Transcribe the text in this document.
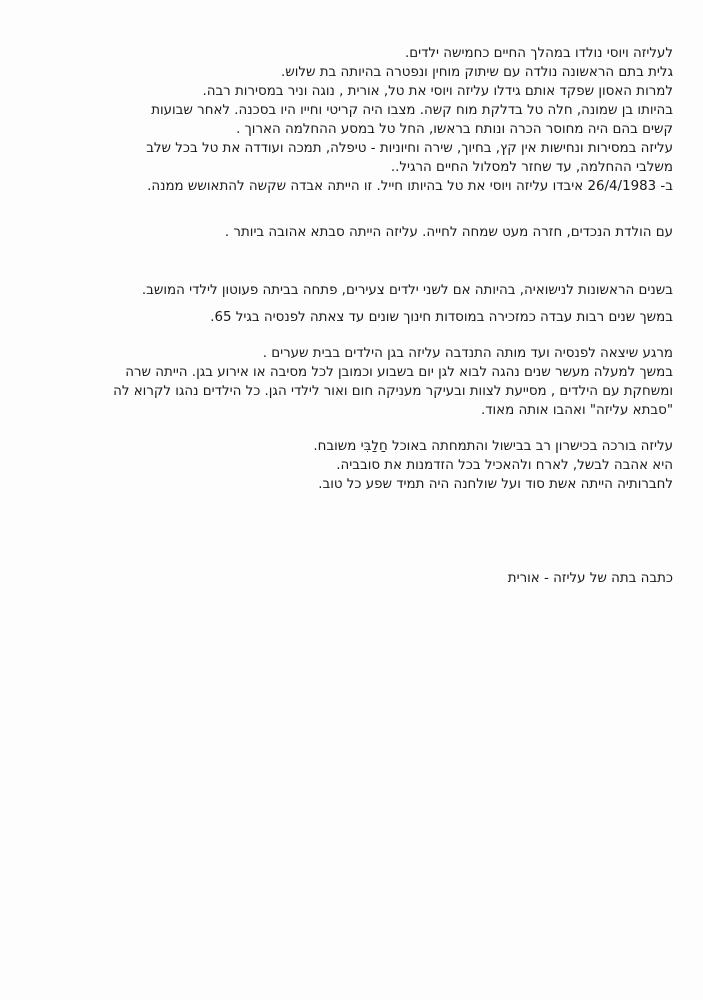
לעליזה ויוסי נולדו במהלך החיים כחמישה ילדים.
גלית בתם הראשונה נולדה עם שיתוק מוחין ונפטרה בהיותה בת שלוש.
למרות האסון שפקד אותם גידלו עליזה ויוסי את טל, אורית , נוגה וניר במסירות רבה.
בהיותו בן שמונה, חלה טל בדלקת מוח קשה. מצבו היה קריטי וחייו היו בסכנה. לאחר שבועות
קשים בהם היה מחוסר הכרה ונותח בראשו, החל טל במסע ההחלמה הארוך .
עליזה במסירות ונחישות אין קץ, בחיוך, שירה וחיוניות - טיפלה, תמכה ועודדה את טל בכל שלב
משלבי ההחלמה, עד שחזר למסלול החיים הרגיל..
ב- 26/4/1983 איבדו עליזה ויוסי את טל בהיותו חייל. זו הייתה אבדה שקשה להתאושש ממנה.
עם הולדת הנכדים, חזרה מעט שמחה לחייה. עליזה הייתה סבתא אהובה ביותר .
בשנים הראשונות לנישואיה, בהיותה אם לשני ילדים צעירים, פתחה בביתה פעוטון לילדי המושב.
במשך שנים רבות עבדה כמזכירה במוסדות חינוך שונים עד צאתה לפנסיה בגיל 65.
מרגע שיצאה לפנסיה ועד מותה התנדבה עליזה בגן הילדים בבית שערים .
במשך למעלה מעשר שנים נהגה לבוא לגן יום בשבוע וכמובן לכל מסיבה או אירוע בגן. הייתה שרה
ומשחקת עם הילדים , מסייעת לצוות ובעיקר מעניקה חום ואור לילדי הגן. כל הילדים נהגו לקרוא לה
"סבתא עליזה" ואהבו אותה מאוד.
עליזה בורכה בכישרון רב בבישול והתמחתה באוכל חַלַבִּי משובח.
היא אהבה לבשל, לארח ולהאכיל בכל הזדמנות את סובביה.
לחברותיה הייתה אשת סוד ועל שולחנה היה תמיד שפע כל טוב.
כתבה בתה של עליזה - אורית
